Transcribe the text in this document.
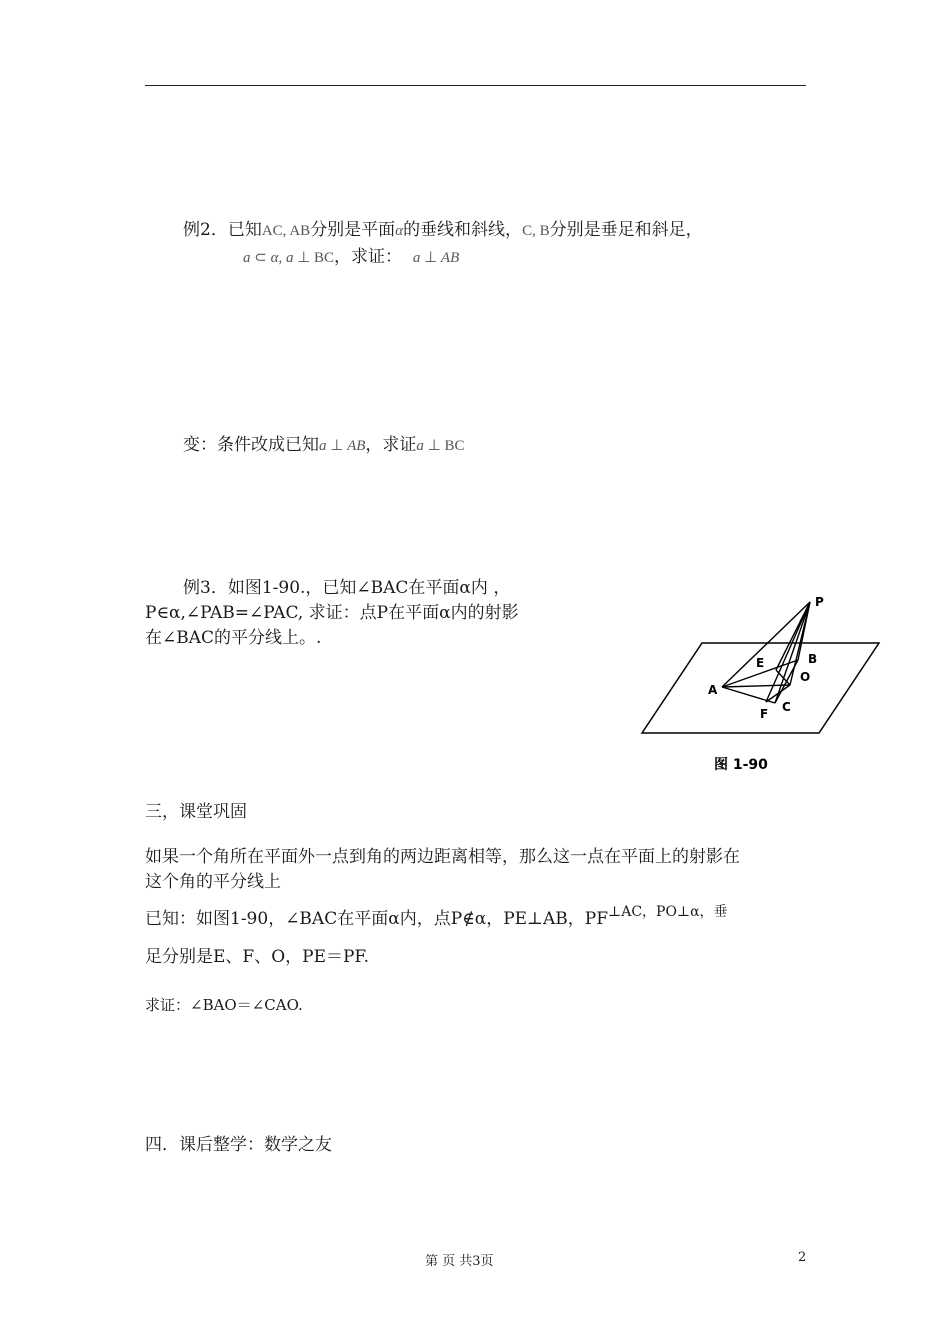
例2．已知AC, AB分别是平面α的垂线和斜线，C, B分别是垂足和斜足，
a ⊂ α, a ⊥ BC，求证： a ⊥ AB
变：条件改成已知a ⊥ AB，求证a ⊥ BC
例3．如图1-90.，已知∠BAC在平面α内 ，
P∈α,∠PAB=∠PAC, 求证：点P在平面α内的射影
在∠BAC的平分线上。.
P
E	B
O
A
F C
图 1-90
三，课堂巩固
如果一个角所在平面外一点到角的两边距离相等，那么这一点在平面上的射影在
这个角的平分线上
已知：如图1-90，∠BAC在平面α内，点P∉α，PE⊥AB，$PF^{\perp AC,PO\perp\alpha,垂}$
足分别是E、F、O，PE＝PF.
求证：∠BAO＝∠CAO.
四．课后整学：数学之友
第 页 共3页	2
